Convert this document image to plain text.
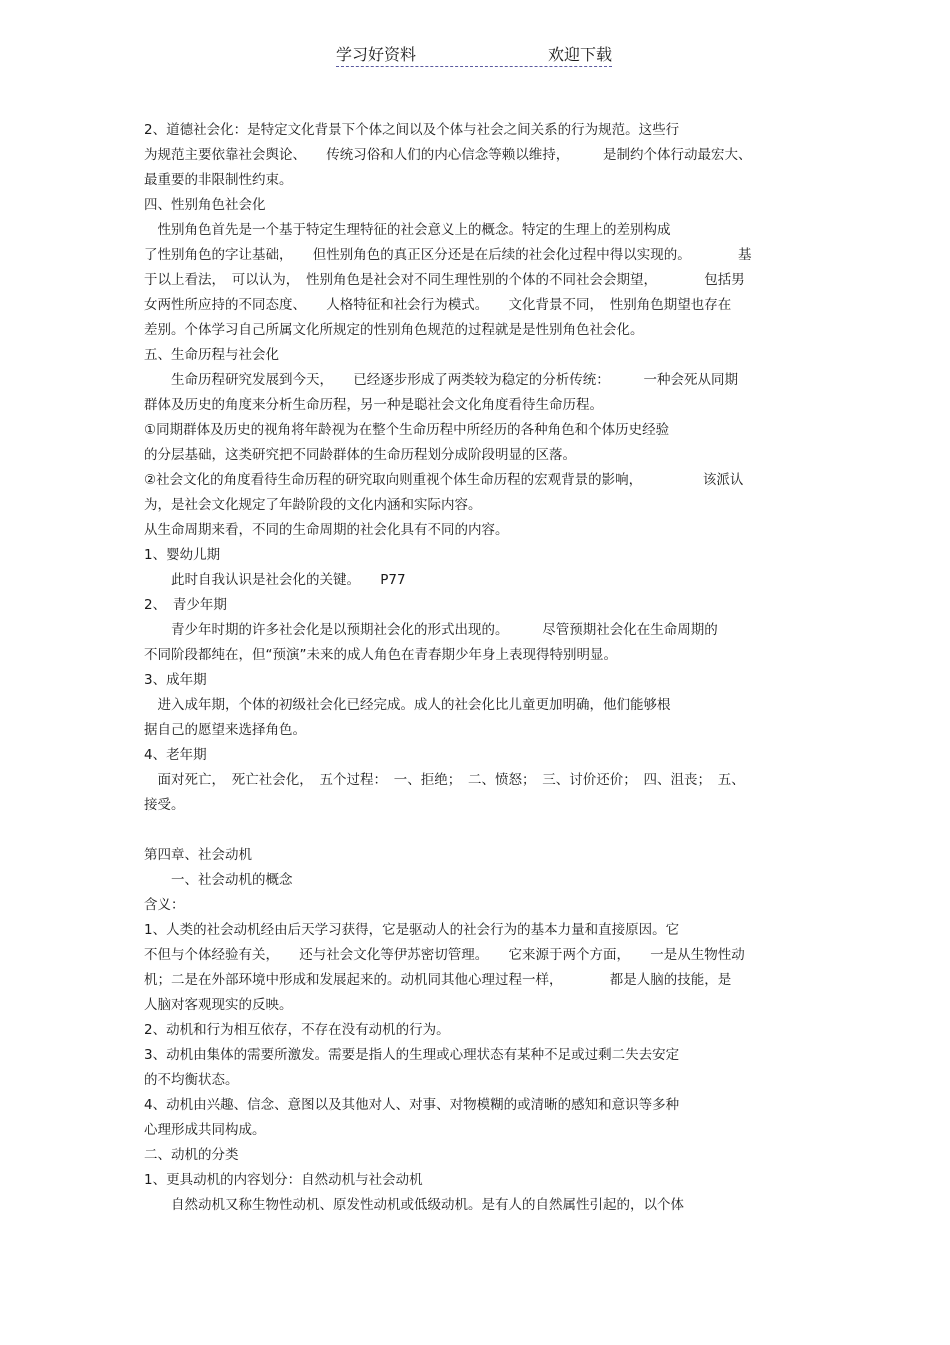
学习好资料	欢迎下载

2、道德社会化：是特定文化背景下个体之间以及个体与社会之间关系的行为规范。这些行

为规范主要依靠社会舆论、　　传统习俗和人们的内心信念等赖以维持，　　　是制约个体行动最宏大、

最重要的非限制性约束。

四、性别角色社会化

　性别角色首先是一个基于特定生理特征的社会意义上的概念。特定的生理上的差别构成

了性别角色的字让基础，　　但性别角色的真正区分还是在后续的社会化过程中得以实现的。　　　　基

于以上看法，　可以认为，　性别角色是社会对不同生理性别的个体的不同社会会期望，　　　　包括男

女两性所应持的不同态度、　　人格特征和社会行为模式。　　文化背景不同，　性别角色期望也存在

差别。个体学习自己所属文化所规定的性别角色规范的过程就是是性别角色社会化。

五、生命历程与社会化

　　生命历程研究发展到今天，　　已经逐步形成了两类较为稳定的分析传统：　　　一种会死从同期

群体及历史的角度来分析生命历程，另一种是聪社会文化角度看待生命历程。

①同期群体及历史的视角将年龄视为在整个生命历程中所经历的各种角色和个体历史经验

的分层基础，这类研究把不同龄群体的生命历程划分成阶段明显的区落。

②社会文化的角度看待生命历程的研究取向则重视个体生命历程的宏观背景的影响，　　　　　该派认

为，是社会文化规定了年龄阶段的文化内涵和实际内容。

从生命周期来看，不同的生命周期的社会化具有不同的内容。

1、婴幼儿期

　　此时自我认识是社会化的关键。　　P77

2、　青少年期

　　青少年时期的许多社会化是以预期社会化的形式出现的。　　　尽管预期社会化在生命周期的

不同阶段都纯在，但“预演”未来的成人角色在青春期少年身上表现得特别明显。

3、成年期

　进入成年期，个体的初级社会化已经完成。成人的社会化比儿童更加明确，他们能够根

据自己的愿望来选择角色。

4、老年期

　面对死亡，　死亡社会化，　五个过程：　一、拒绝；　二、愤怒；　三、讨价还价；　四、沮丧；　五、

接受。

第四章、社会动机

　　一、社会动机的概念

含义：

1、人类的社会动机经由后天学习获得，它是驱动人的社会行为的基本力量和直接原因。它

不但与个体经验有关，　　还与社会文化等伊苏密切管理。　　它来源于两个方面，　　一是从生物性动

机；二是在外部环境中形成和发展起来的。动机同其他心理过程一样，　　　　都是人脑的技能，是

人脑对客观现实的反映。

2、动机和行为相互依存，不存在没有动机的行为。

3、动机由集体的需要所激发。需要是指人的生理或心理状态有某种不足或过剩二失去安定

的不均衡状态。

4、动机由兴趣、信念、意图以及其他对人、对事、对物模糊的或清晰的感知和意识等多种

心理形成共同构成。

二、动机的分类

1、更具动机的内容划分：自然动机与社会动机

　　自然动机又称生物性动机、原发性动机或低级动机。是有人的自然属性引起的，以个体
